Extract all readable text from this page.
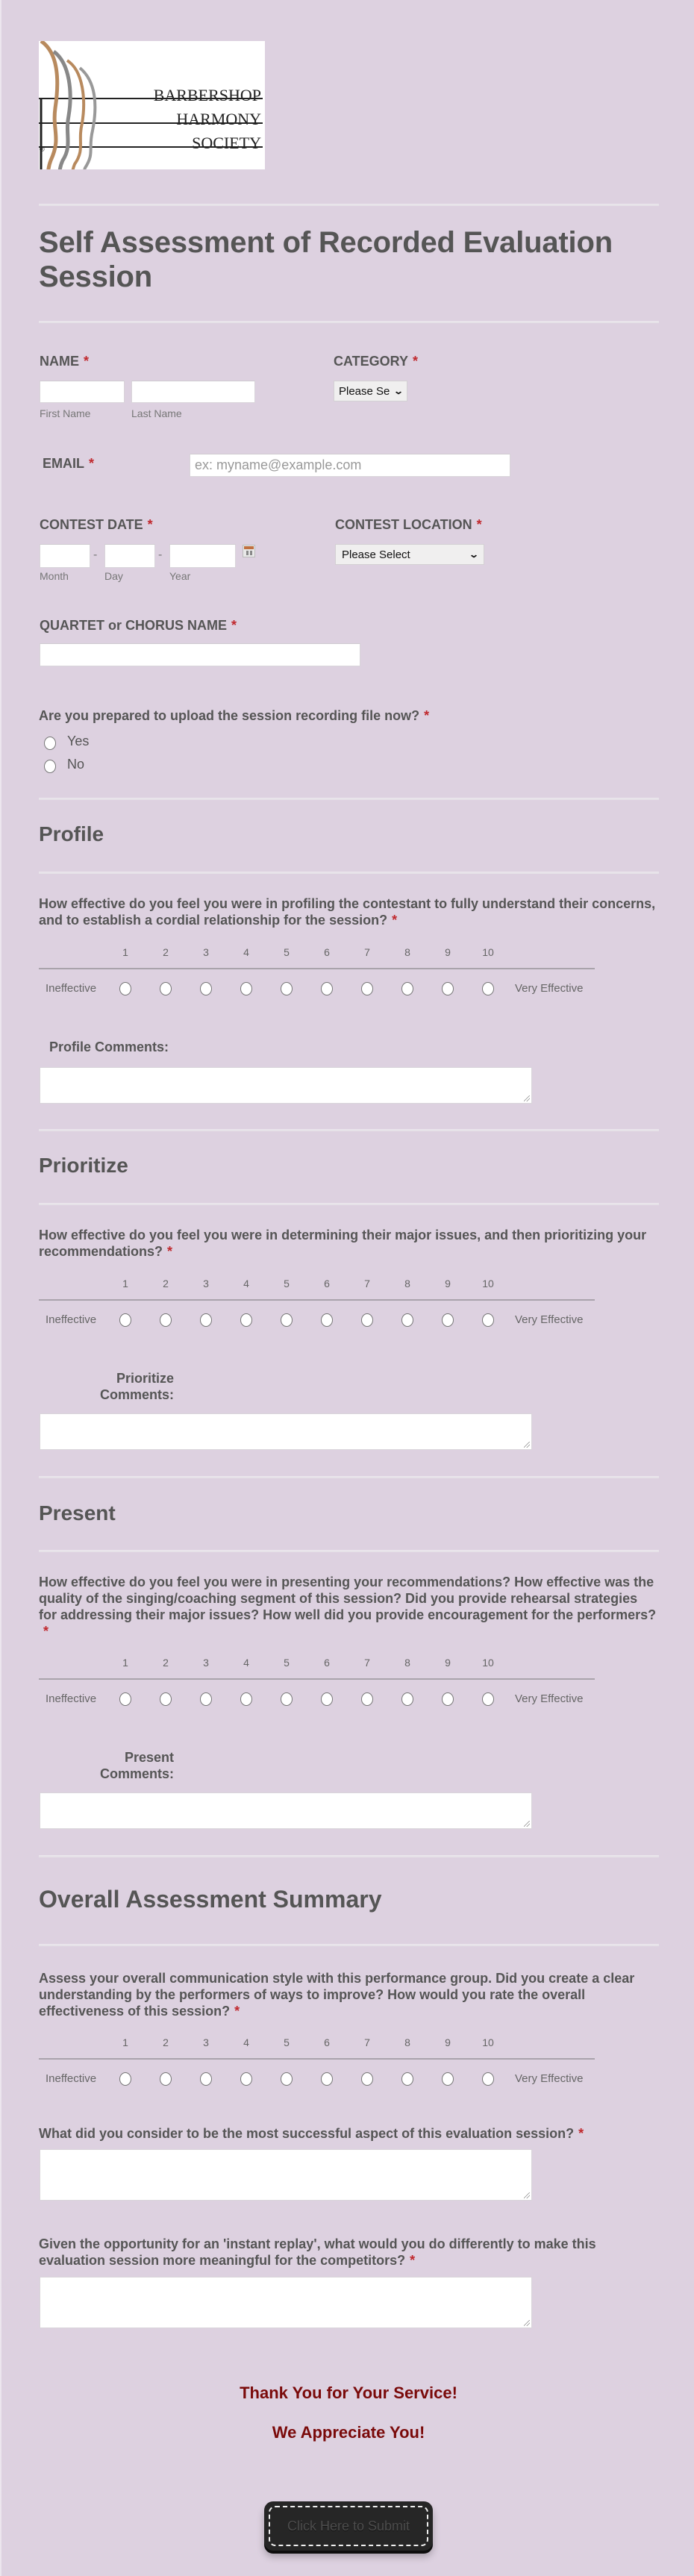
BARBERSHOP
HARMONY
SOCIETY
®
Self Assessment of Recorded Evaluation Session
NAME *
First Name	Last Name
CATEGORY *
Please Se ⌄
EMAIL *
ex: myname@example.com
CONTEST DATE *
-	-
Month	Day	Year
CONTEST LOCATION *
Please Select	⌄
QUARTET or CHORUS NAME *
Are you prepared to upload the session recording file now? *
Yes
No
Profile
How effective do you feel you were in profiling the contestant to fully understand their concerns, and to establish a cordial relationship for the session? *
1	2	3	4	5	6	7	8	9	10
Ineffective	Very Effective
Profile Comments:
Prioritize
How effective do you feel you were in determining their major issues, and then prioritizing your recommendations? *
1	2	3	4	5	6	7	8	9	10
Ineffective	Very Effective
Prioritize
Comments:
Present
How effective do you feel you were in presenting your recommendations? How effective was the quality of the singing/coaching segment of this session? Did you provide rehearsal strategies for addressing their major issues? How well did you provide encouragement for the performers?*
1	2	3	4	5	6	7	8	9	10
Ineffective	Very Effective
Present
Comments:
Overall Assessment Summary
Assess your overall communication style with this performance group. Did you create a clear understanding by the performers of ways to improve? How would you rate the overall effectiveness of this session? *
1	2	3	4	5	6	7	8	9	10
Ineffective	Very Effective
What did you consider to be the most successful aspect of this evaluation session? *
Given the opportunity for an 'instant replay', what would you do differently to make this evaluation session more meaningful for the competitors? *
Thank You for Your Service!
We Appreciate You!
Click Here to Submit
